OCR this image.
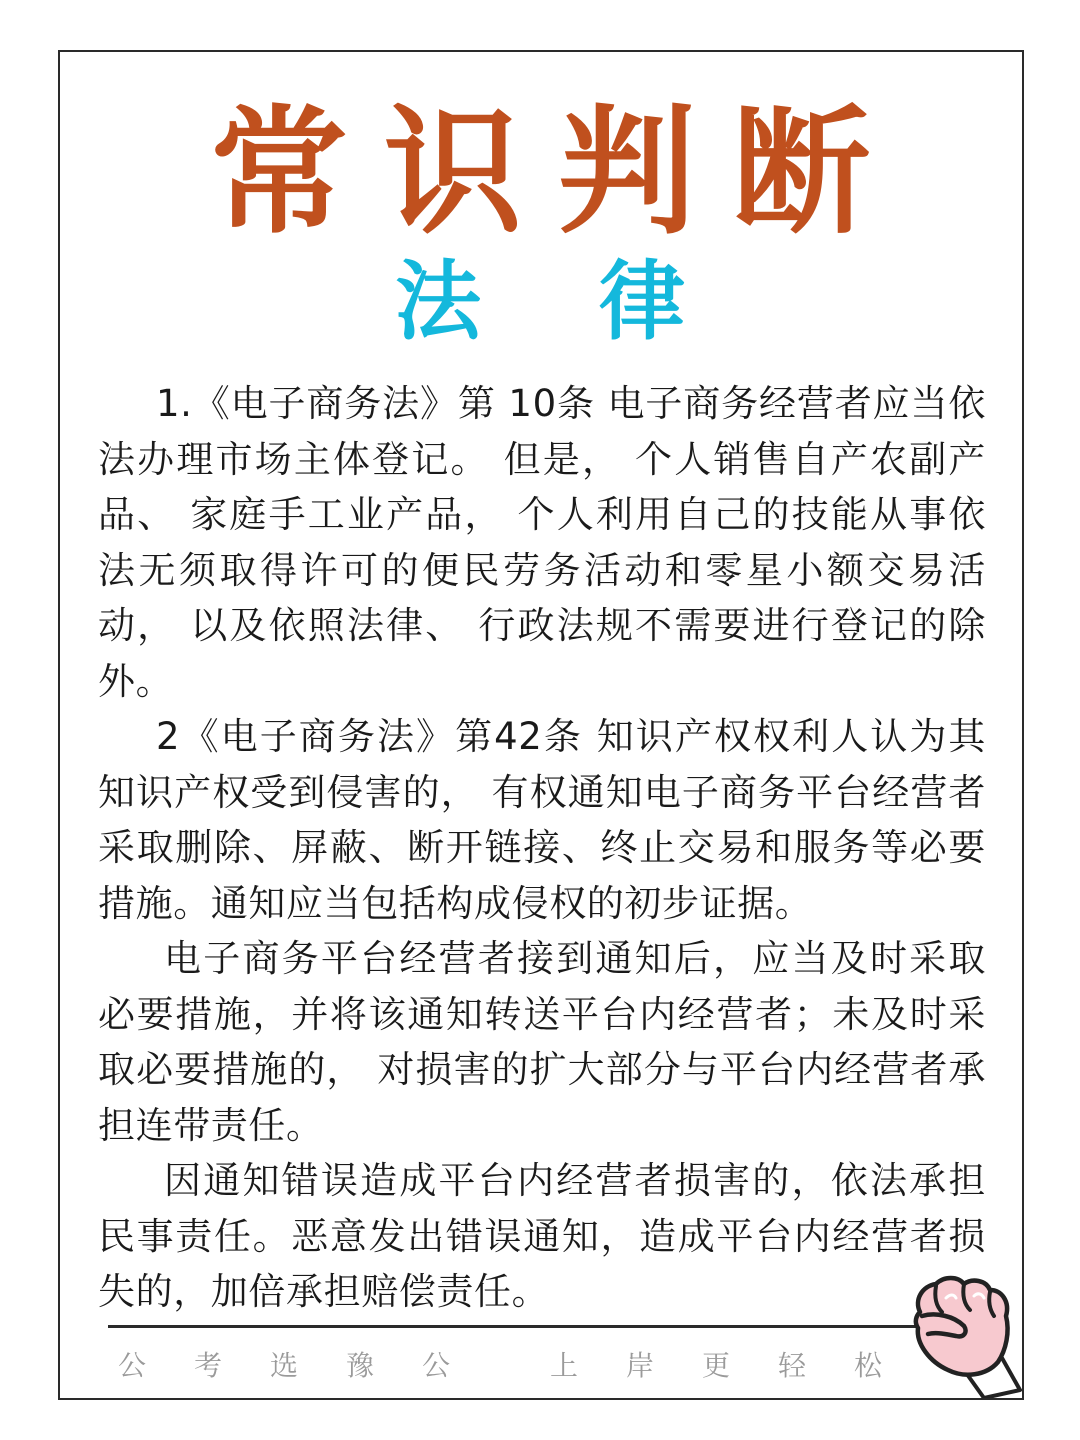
常识判断
法律

1.《电子商务法》第 10条 电子商务经营者应当依法办理市场主体登记。 但是， 个人销售自产农副产品、 家庭手工业产品， 个人利用自己的技能从事依法无须取得许可的便民劳务活动和零星小额交易活动， 以及依照法律、 行政法规不需要进行登记的除外。

2《电子商务法》第42条 知识产权权利人认为其知识产权受到侵害的， 有权通知电子商务平台经营者采取删除、屏蔽、断开链接、终止交易和服务等必要措施。通知应当包括构成侵权的初步证据。

电子商务平台经营者接到通知后，应当及时采取必要措施，并将该通知转送平台内经营者；未及时采取必要措施的， 对损害的扩大部分与平台内经营者承担连带责任。

因通知错误造成平台内经营者损害的，依法承担民事责任。恶意发出错误通知，造成平台内经营者损失的，加倍承担赔偿责任。

公考选豫公 上岸更轻松
